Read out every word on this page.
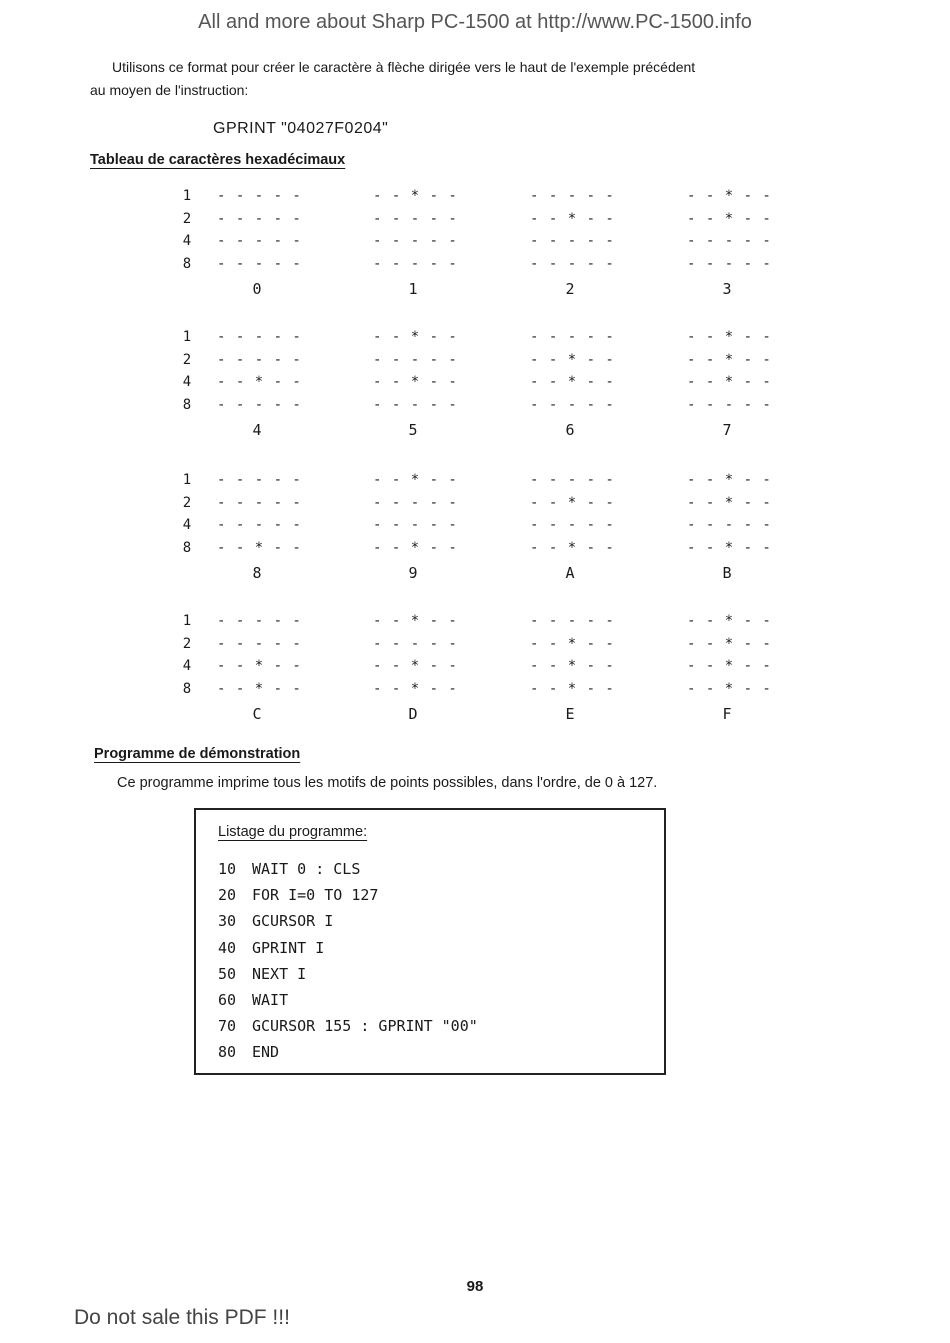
All and more about Sharp PC-1500 at http://www.PC-1500.info
Utilisons ce format pour créer le caractère à flèche dirigée vers le haut de l'exemple précédent
au moyen de l'instruction:
GPRINT "04027F0204"
Tableau de caractères hexadécimaux
1
2
4
8
- - - - -
- - - - -
- - - - -
- - - - -
0
- - * - -
- - - - -
- - - - -
- - - - -
1
- - - - -
- - * - -
- - - - -
- - - - -
2
- - * - -
- - * - -
- - - - -
- - - - -
3
1
2
4
8
- - - - -
- - - - -
- - * - -
- - - - -
4
- - * - -
- - - - -
- - * - -
- - - - -
5
- - - - -
- - * - -
- - * - -
- - - - -
6
- - * - -
- - * - -
- - * - -
- - - - -
7
1
2
4
8
- - - - -
- - - - -
- - - - -
- - * - -
8
- - * - -
- - - - -
- - - - -
- - * - -
9
- - - - -
- - * - -
- - - - -
- - * - -
A
- - * - -
- - * - -
- - - - -
- - * - -
B
1
2
4
8
- - - - -
- - - - -
- - * - -
- - * - -
C
- - * - -
- - - - -
- - * - -
- - * - -
D
- - - - -
- - * - -
- - * - -
- - * - -
E
- - * - -
- - * - -
- - * - -
- - * - -
F
Programme de démonstration
Ce programme imprime tous les motifs de points possibles, dans l'ordre, de 0 à 127.
Listage du programme:
10 WAIT 0 : CLS
20 FOR I=0 TO 127
30 GCURSOR I
40 GPRINT I
50 NEXT I
60 WAIT
70 GCURSOR 155 : GPRINT "00"
80 END
98
Do not sale this PDF !!!
